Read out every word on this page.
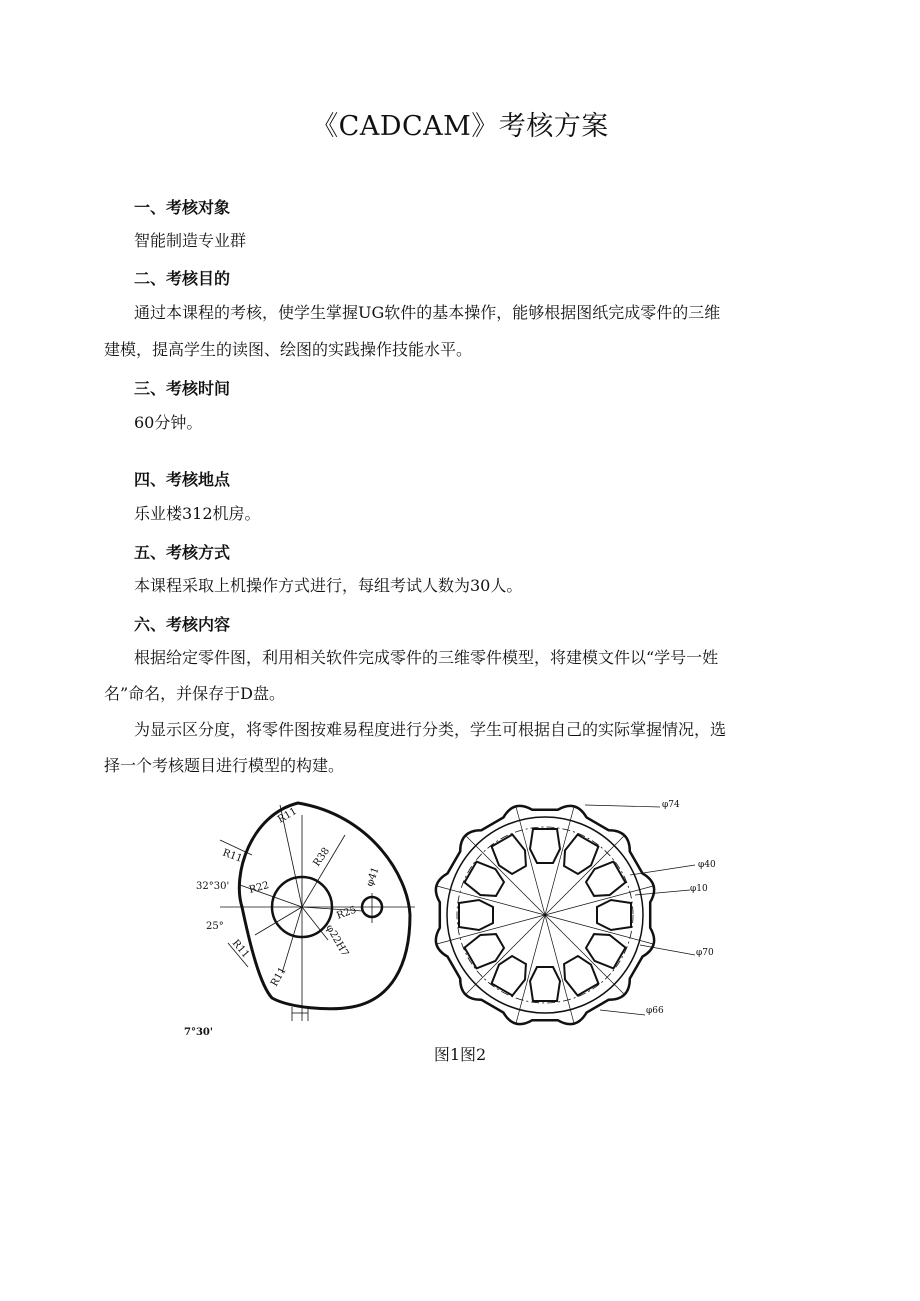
《CADCAM》考核方案
一、考核对象
智能制造专业群
二、考核目的
通过本课程的考核，使学生掌握UG软件的基本操作，能够根据图纸完成零件的三维
建模，提高学生的读图、绘图的实践操作技能水平。
三、考核时间
60分钟。
四、考核地点
乐业楼312机房。
五、考核方式
本课程采取上机操作方式进行，每组考试人数为30人。
六、考核内容
根据给定零件图，利用相关软件完成零件的三维零件模型，将建模文件以“学号一姓
名”命名，并保存于D盘。
为显示区分度，将零件图按难易程度进行分类，学生可根据自己的实际掌握情况，选
择一个考核题目进行模型的构建。
R11
R11
32°30' R22
R38
φ41
25°
R25
φ22H7
R11
R11
7°30'
φ74
φ40
φ10
φ70
φ66
图1图2
